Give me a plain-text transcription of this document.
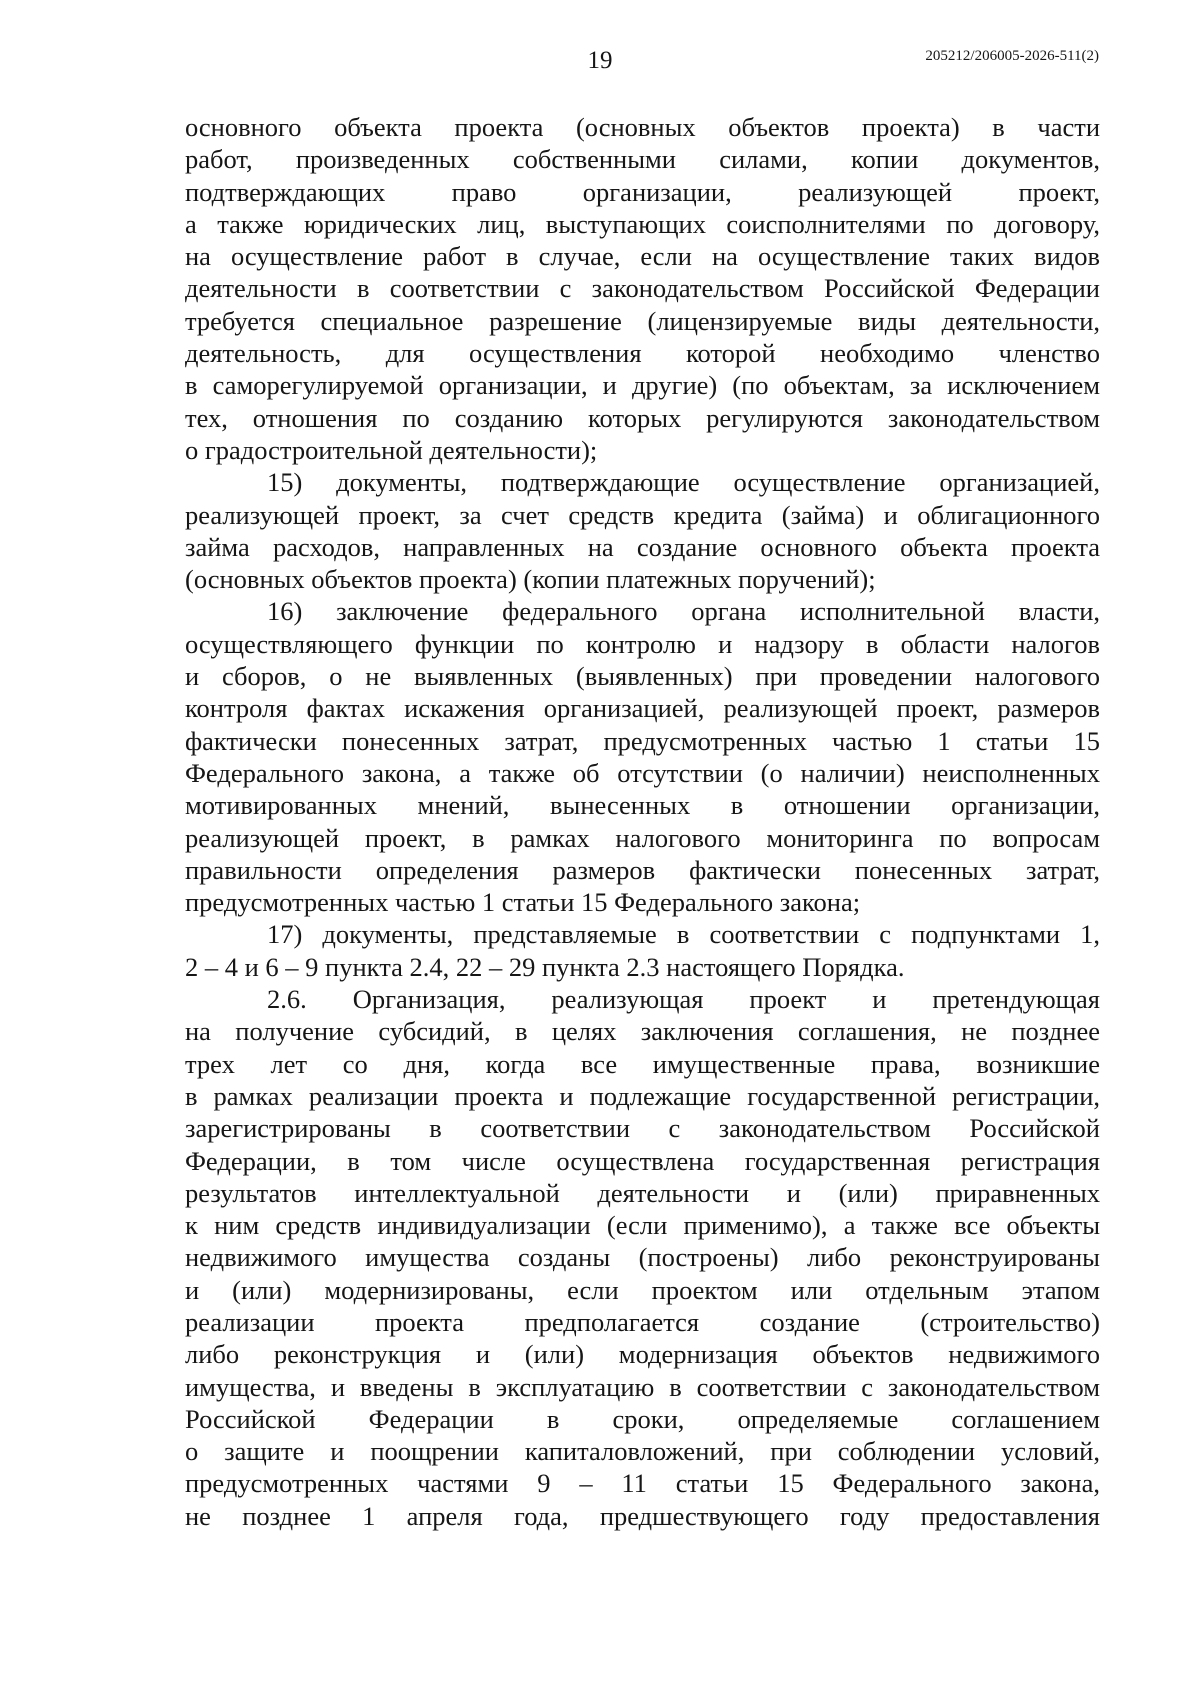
19	205212/206005-2026-511(2)
основного объекта проекта (основных объектов проекта) в части
работ, произведенных собственными силами, копии документов,
подтверждающих право организации, реализующей проект,
а также юридических лиц, выступающих соисполнителями по договору,
на осуществление работ в случае, если на осуществление таких видов
деятельности в соответствии с законодательством Российской Федерации
требуется специальное разрешение (лицензируемые виды деятельности,
деятельность, для осуществления которой необходимо членство
в саморегулируемой организации, и другие) (по объектам, за исключением
тех, отношения по созданию которых регулируются законодательством
о градостроительной деятельности);
15) документы, подтверждающие осуществление организацией,
реализующей проект, за счет средств кредита (займа) и облигационного
займа расходов, направленных на создание основного объекта проекта
(основных объектов проекта) (копии платежных поручений);
16) заключение федерального органа исполнительной власти,
осуществляющего функции по контролю и надзору в области налогов
и сборов, о не выявленных (выявленных) при проведении налогового
контроля фактах искажения организацией, реализующей проект, размеров
фактически понесенных затрат, предусмотренных частью 1 статьи 15
Федерального закона, а также об отсутствии (о наличии) неисполненных
мотивированных мнений, вынесенных в отношении организации,
реализующей проект, в рамках налогового мониторинга по вопросам
правильности определения размеров фактически понесенных затрат,
предусмотренных частью 1 статьи 15 Федерального закона;
17) документы, представляемые в соответствии с подпунктами 1,
2 – 4 и 6 – 9 пункта 2.4, 22 – 29 пункта 2.3 настоящего Порядка.
2.6. Организация, реализующая проект и претендующая
на получение субсидий, в целях заключения соглашения, не позднее
трех лет со дня, когда все имущественные права, возникшие
в рамках реализации проекта и подлежащие государственной регистрации,
зарегистрированы в соответствии с законодательством Российской
Федерации, в том числе осуществлена государственная регистрация
результатов интеллектуальной деятельности и (или) приравненных
к ним средств индивидуализации (если применимо), а также все объекты
недвижимого имущества созданы (построены) либо реконструированы
и (или) модернизированы, если проектом или отдельным этапом
реализации проекта предполагается создание (строительство)
либо реконструкция и (или) модернизация объектов недвижимого
имущества, и введены в эксплуатацию в соответствии с законодательством
Российской Федерации в сроки, определяемые соглашением
о защите и поощрении капиталовложений, при соблюдении условий,
предусмотренных частями 9 – 11 статьи 15 Федерального закона,
не позднее 1 апреля года, предшествующего году предоставления
